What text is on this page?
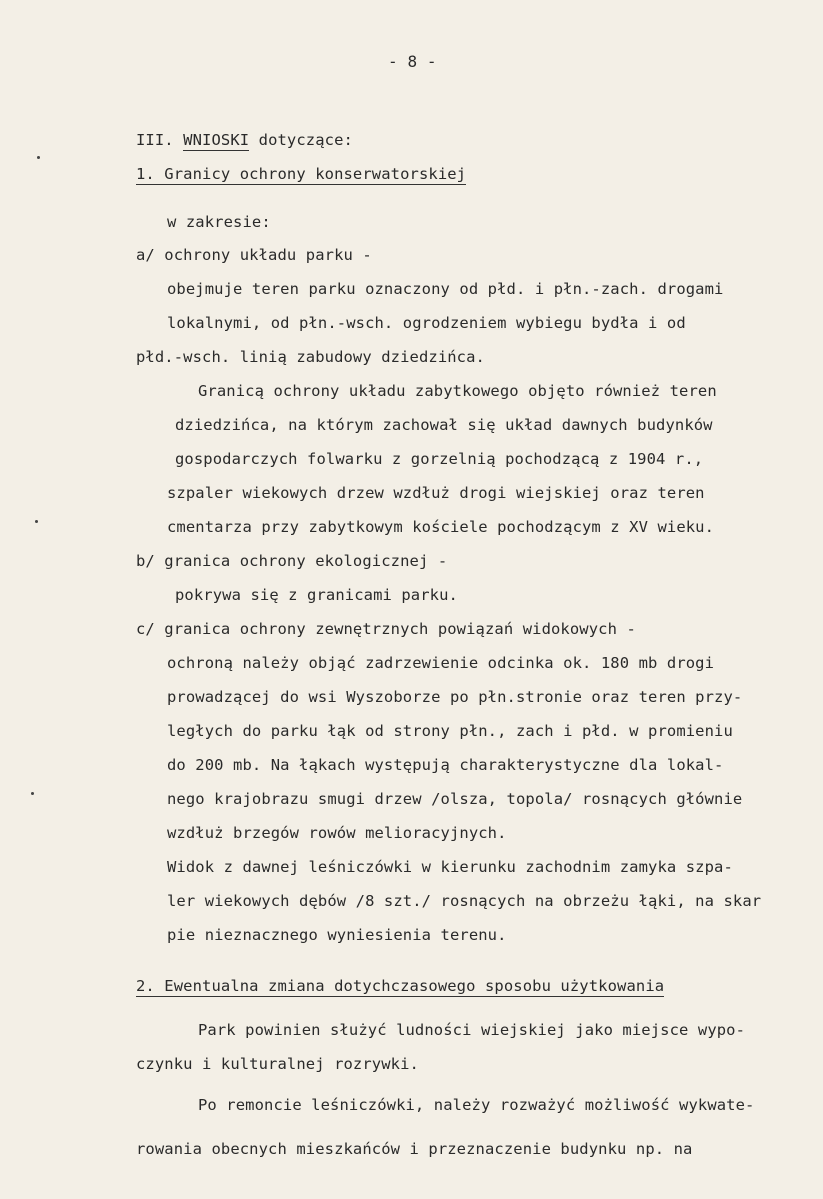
- 8 -
III. WNIOSKI dotyczące:
1. Granicy ochrony konserwatorskiej
w zakresie:
a/ ochrony układu parku -
obejmuje teren parku oznaczony od płd. i płn.-zach. drogami
lokalnymi, od płn.-wsch. ogrodzeniem wybiegu bydła i od
płd.-wsch. linią zabudowy dziedzińca.
Granicą ochrony układu zabytkowego objęto również teren
dziedzińca, na którym zachował się układ dawnych budynków
gospodarczych folwarku z gorzelnią pochodzącą z 1904 r.,
szpaler wiekowych drzew wzdłuż drogi wiejskiej oraz teren
cmentarza przy zabytkowym kościele pochodzącym z XV wieku.
b/ granica ochrony ekologicznej -
pokrywa się z granicami parku.
c/ granica ochrony zewnętrznych powiązań widokowych -
ochroną należy objąć zadrzewienie odcinka ok. 180 mb drogi
prowadzącej do wsi Wyszoborze po płn.stronie oraz teren przy-
ległych do parku łąk od strony płn., zach i płd. w promieniu
do 200 mb. Na łąkach występują charakterystyczne dla lokal-
nego krajobrazu smugi drzew /olsza, topola/ rosnących głównie
wzdłuż brzegów rowów melioracyjnych.
Widok z dawnej leśniczówki w kierunku zachodnim zamyka szpa-
ler wiekowych dębów /8 szt./ rosnących na obrzeżu łąki, na skar
pie nieznacznego wyniesienia terenu.
2. Ewentualna zmiana dotychczasowego sposobu użytkowania
Park powinien służyć ludności wiejskiej jako miejsce wypo-
czynku i kulturalnej rozrywki.
Po remoncie leśniczówki, należy rozważyć możliwość wykwate-
rowania obecnych mieszkańców i przeznaczenie budynku np. na
